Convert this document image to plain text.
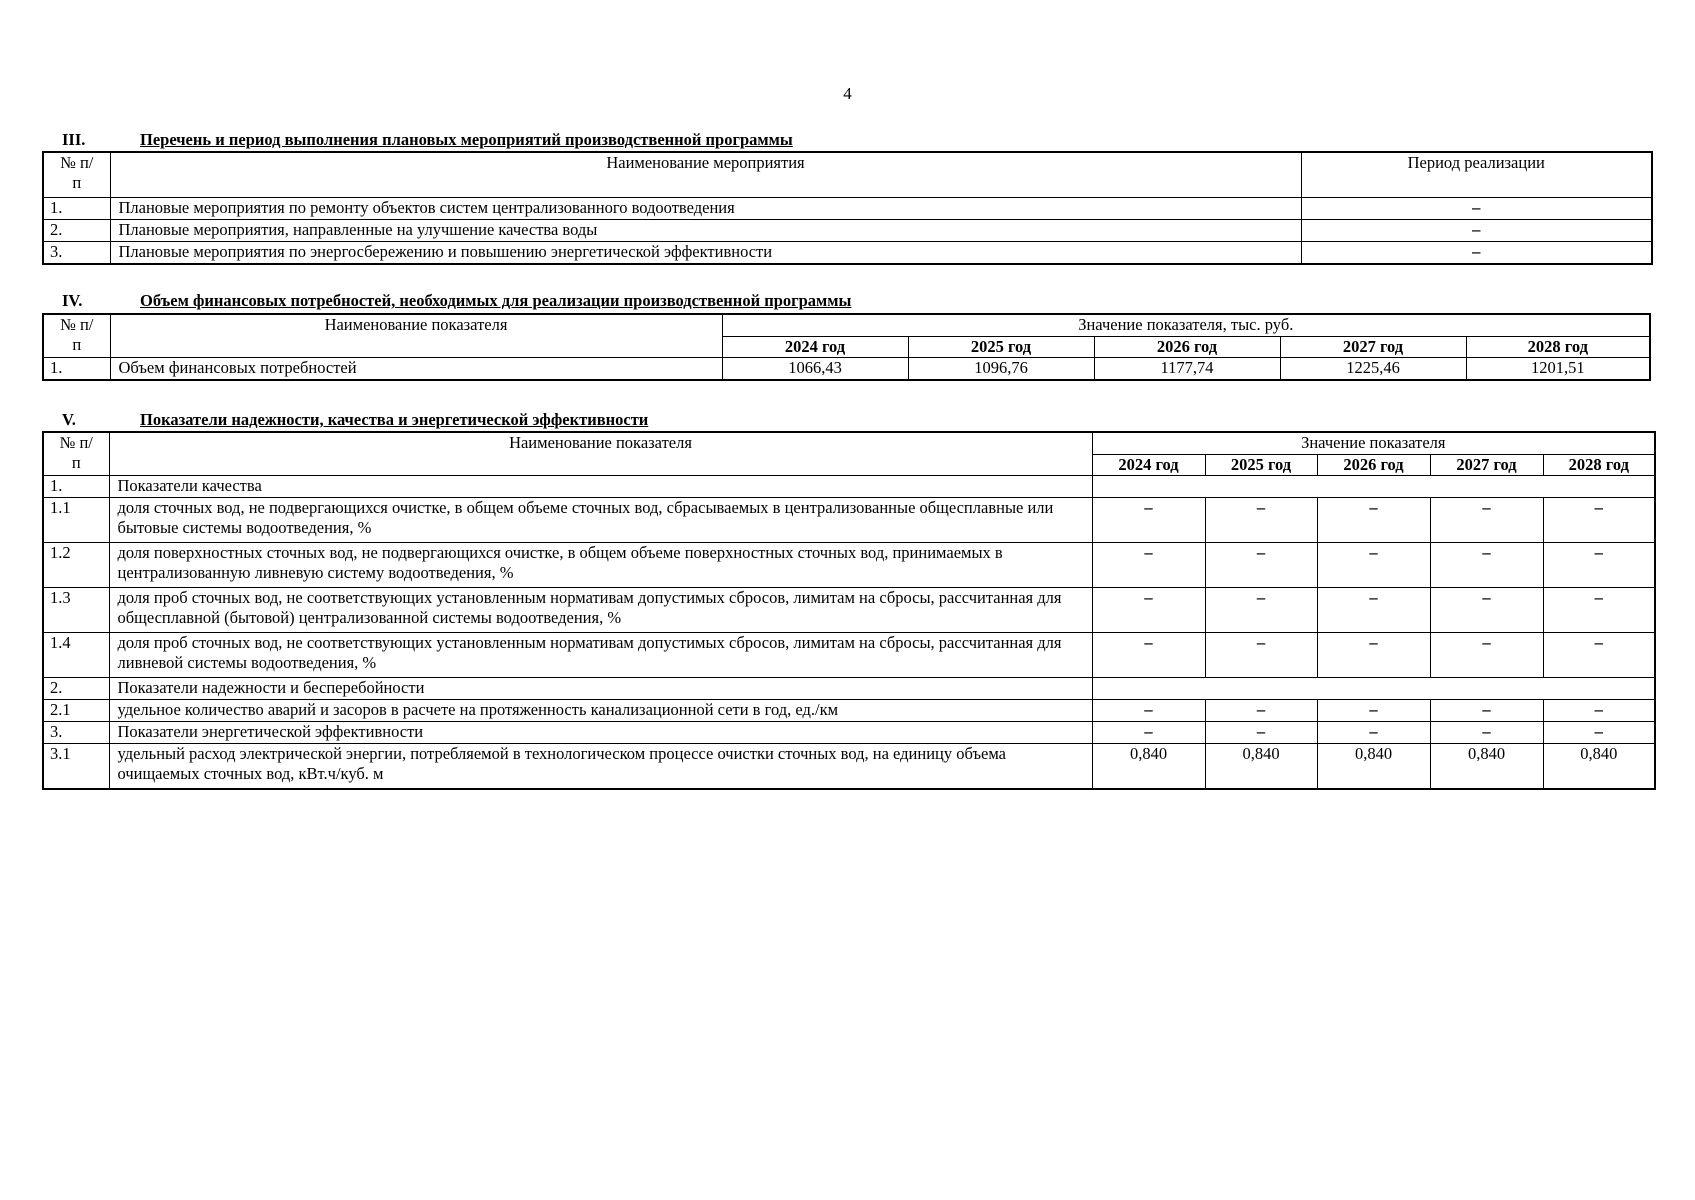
4
III.	Перечень и период выполнения плановых мероприятий производственной программы
№ п/п	Наименование мероприятия	Период реализации
1.	Плановые мероприятия по ремонту объектов систем централизованного водоотведения	–
2.	Плановые мероприятия, направленные на улучшение качества воды	–
3.	Плановые мероприятия по энергосбережению и повышению энергетической эффективности	–
IV.	Объем финансовых потребностей, необходимых для реализации производственной программы
№ п/п	Наименование показателя	Значение показателя, тыс. руб.				
		2024 год	2025 год	2026 год	2027 год	2028 год
1.	Объем финансовых потребностей	1066,43	1096,76	1177,74	1225,46	1201,51
V.	Показатели надежности, качества и энергетической эффективности
№ п/п	Наименование показателя	Значение показателя				
		2024 год	2025 год	2026 год	2027 год	2028 год
1.	Показатели качества					
1.1	доля сточных вод, не подвергающихся очистке, в общем объеме сточных вод, сбрасываемых в централизованные общесплавные или бытовые системы водоотведения, %	–	–	–	–	–
1.2	доля поверхностных сточных вод, не подвергающихся очистке, в общем объеме поверхностных сточных вод, принимаемых в централизованную ливневую систему водоотведения, %	–	–	–	–	–
1.3	доля проб сточных вод, не соответствующих установленным нормативам допустимых сбросов, лимитам на сбросы, рассчитанная для общесплавной (бытовой) централизованной системы водоотведения, %	–	–	–	–	–
1.4	доля проб сточных вод, не соответствующих установленным нормативам допустимых сбросов, лимитам на сбросы, рассчитанная для ливневой системы водоотведения, %	–	–	–	–	–
2.	Показатели надежности и бесперебойности					
2.1	удельное количество аварий и засоров в расчете на протяженность канализационной сети в год, ед./км	–	–	–	–	–
3.	Показатели энергетической эффективности	–	–	–	–	–
3.1	удельный расход электрической энергии, потребляемой в технологическом процессе очистки сточных вод, на единицу объема очищаемых сточных вод, кВт.ч/куб. м	0,840	0,840	0,840	0,840	0,840
